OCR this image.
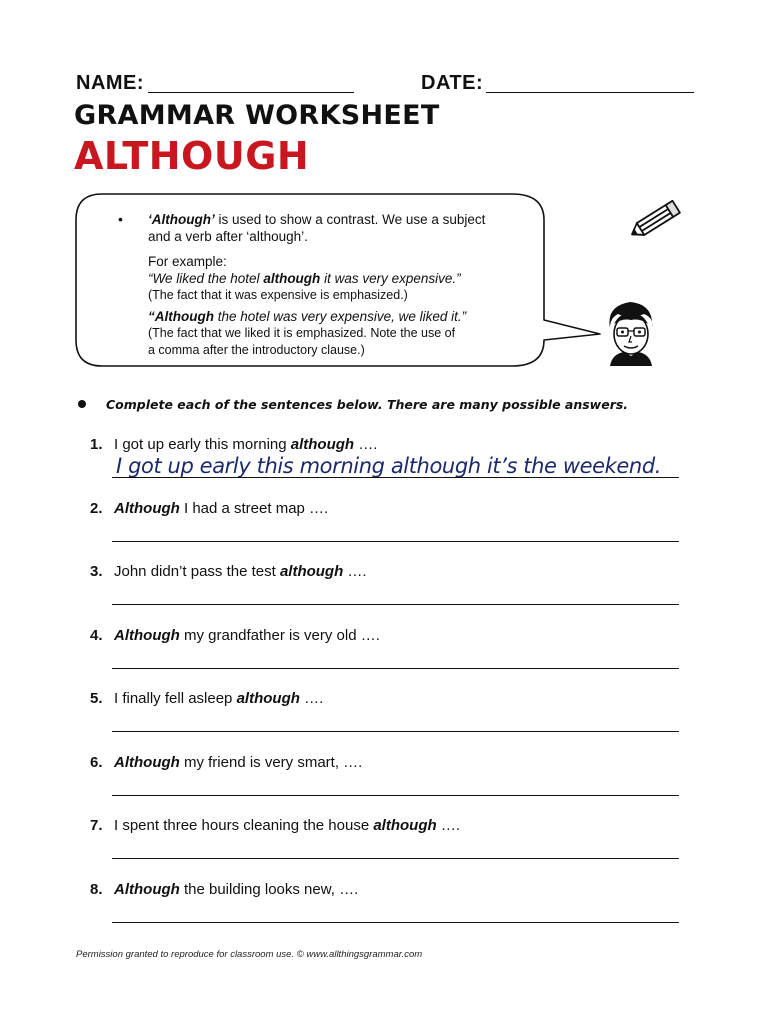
NAME:	DATE:
GRAMMAR WORKSHEET
ALTHOUGH
• ‘Although’ is used to show a contrast. We use a subject
and a verb after ‘although’.
For example:
“We liked the hotel although it was very expensive.”
(The fact that it was expensive is emphasized.)
“Although the hotel was very expensive, we liked it.”
(The fact that we liked it is emphasized. Note the use of
a comma after the introductory clause.)
Complete each of the sentences below. There are many possible answers.
1. I got up early this morning although ….
I got up early this morning although it’s the weekend.
2. Although I had a street map ….
3. John didn’t pass the test although ….
4. Although my grandfather is very old ….
5. I finally fell asleep although ….
6. Although my friend is very smart, ….
7. I spent three hours cleaning the house although ….
8. Although the building looks new, ….
Permission granted to reproduce for classroom use. © www.allthingsgrammar.com
